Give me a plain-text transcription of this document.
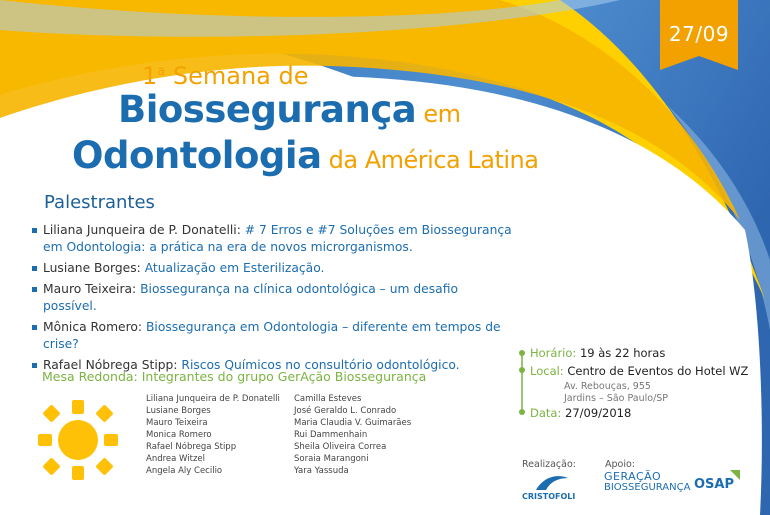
27/09
1$^a$ Semana de
Biossegurança em
Odontologia da América Latina
Palestrantes
Liliana Junqueira de P. Donatelli: # 7 Erros e #7 Soluções em Biossegurança em Odontologia: a prática na era de novos microrganismos.
Lusiane Borges: Atualização em Esterilização.
Mauro Teixeira: Biossegurança na clínica odontológica – um desafio possível.
Mônica Romero: Biossegurança em Odontologia – diferente em tempos de crise?
Rafael Nóbrega Stipp: Riscos Químicos no consultório odontológico.
Mesa Redonda: Integrantes do grupo GerAção Biossegurança
Liliana Junqueira de P. Donatelli
Lusiane Borges
Mauro Teixeira
Monica Romero
Rafael Nóbrega Stipp
Andrea Witzel
Angela Aly Cecilio
Camilla Esteves
José Geraldo L. Conrado
Maria Claudia V. Guimarães
Rui Dammenhain
Sheila Oliveira Correa
Soraia Marangoni
Yara Yassuda
Horário: 19 às 22 horas
Local: Centro de Eventos do Hotel WZ
Av. Rebouças, 955
Jardins – São Paulo/SP
Data: 27/09/2018
Realização:	Apoio:
CRISTOFOLI
GERAÇÃO
BIOSSEGURANÇA OSAP
